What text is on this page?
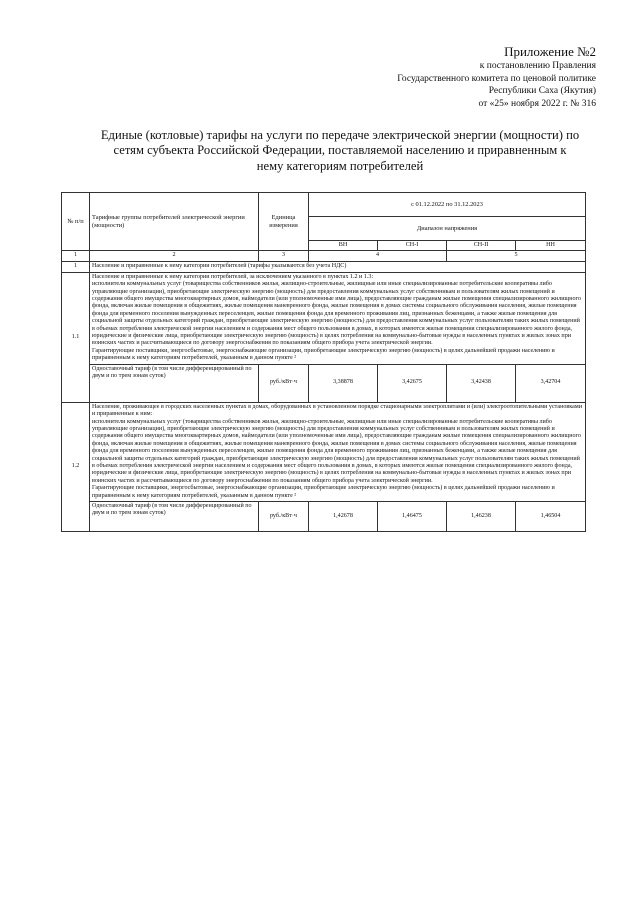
Приложение №2
к постановлению Правления
Государственного комитета по ценовой политике
Республики Саха (Якутия)
от «25» ноября 2022 г. № 316
Единые (котловые) тарифы на услуги по передаче электрической энергии (мощности) по сетям субъекта Российской Федерации, поставляемой населению и приравненным к нему категориям потребителей
№ п/п	Тарифные группы потребителей электрической энергии (мощности)	Единица измерения	с 01.12.2022 по 31.12.2023			
			Диапазон напряжения			
			ВН	СН-I	СН-II	НН
1	2	3	4		5	
1	Население и приравненные к нему категории потребителей (тарифы указываются без учета НДС)					
1.1	Население и приравненные к нему категории потребителей, за исключением указанного в пунктах 1.2 и 1.3:

исполнители коммунальных услуг (товарищества собственников жилья, жилищно-строительные, жилищные или иные специализированные потребительские кооперативы либо управляющие организации), приобретающие электрическую энергию (мощность) для предоставления коммунальных услуг собственникам и пользователям жилых помещений и содержания общего имущества многоквартирных домов, наймодатели (или уполномоченные ими лица), предоставляющие гражданам жилые помещения специализированного жилищного фонда, включая жилые помещения в общежитиях, жилые помещения маневренного фонда, жилые помещения в домах системы социального обслуживания населения, жилые помещения фонда для временного поселения вынужденных переселенцев, жилые помещения фонда для временного проживания лиц, признанных беженцами, а также жилые помещения для социальной защиты отдельных категорий граждан, приобретающие электрическую энергию (мощность) для предоставления коммунальных услуг пользователям таких жилых помещений в объемах потребления электрической энергии населением и содержания мест общего пользования в домах, в которых имеются жилые помещения специализированного жилого фонда,

юридические и физические лица, приобретающие электрическую энергию (мощность) в целях потребления на коммунально-бытовые нужды в населенных пунктах и жилых зонах при воинских частях и рассчитывающиеся по договору энергоснабжения по показаниям общего прибора учета электрической энергии.

Гарантирующие поставщики, энергосбытовые, энергоснабжающие организации, приобретающие электрическую энергию (мощность) в целях дальнейшей продажи населению и приравненным к нему категориям потребителей, указанным в данном пункте ²					

	Одноставочный тариф (в том числе дифференцированный по двум и по трем зонам суток)	руб./кВт·ч	3,38878	3,42675	3,42438	3,42704
1.2	Население, проживающее в городских населенных пунктах в домах, оборудованных в установленном порядке стационарными электроплитами и (или) электроотопительными установками и приравненные к ним:

исполнители коммунальных услуг (товарищества собственников жилья, жилищно-строительные, жилищные или иные специализированные потребительские кооперативы либо управляющие организации), приобретающие электрическую энергию (мощность) для предоставления коммунальных услуг собственникам и пользователям жилых помещений и содержания общего имущества многоквартирных домов, наймодатели (или уполномоченные ими лица), предоставляющие гражданам жилые помещения специализированного жилищного фонда, включая жилые помещения в общежитиях, жилые помещения маневренного фонда, жилые помещения в домах системы социального обслуживания населения, жилые помещения фонда для временного поселения вынужденных переселенцев, жилые помещения фонда для временного проживания лиц, признанных беженцами, а также жилые помещения для социальной защиты отдельных категорий граждан, приобретающие электрическую энергию (мощность) для предоставления коммунальных услуг пользователям таких жилых помещений в объемах потребления электрической энергии населением и содержания мест общего пользования в домах, в которых имеются жилые помещения специализированного жилого фонда,

юридические и физические лица, приобретающие электрическую энергию (мощность) в целях потребления на коммунально-бытовые нужды в населенных пунктах и жилых зонах при воинских частях и рассчитывающиеся по договору энергоснабжения по показаниям общего прибора учета электрической энергии.

Гарантирующие поставщики, энергосбытовые, энергоснабжающие организации, приобретающие электрическую энергию (мощность) в целях дальнейшей продажи населению и приравненным к нему категориям потребителей, указанным в данном пункте ²					

	Одноставочный тариф (в том числе дифференцированный по двум и по трем зонам суток)	руб./кВт·ч	1,42678	1,46475	1,46238	1,46504
